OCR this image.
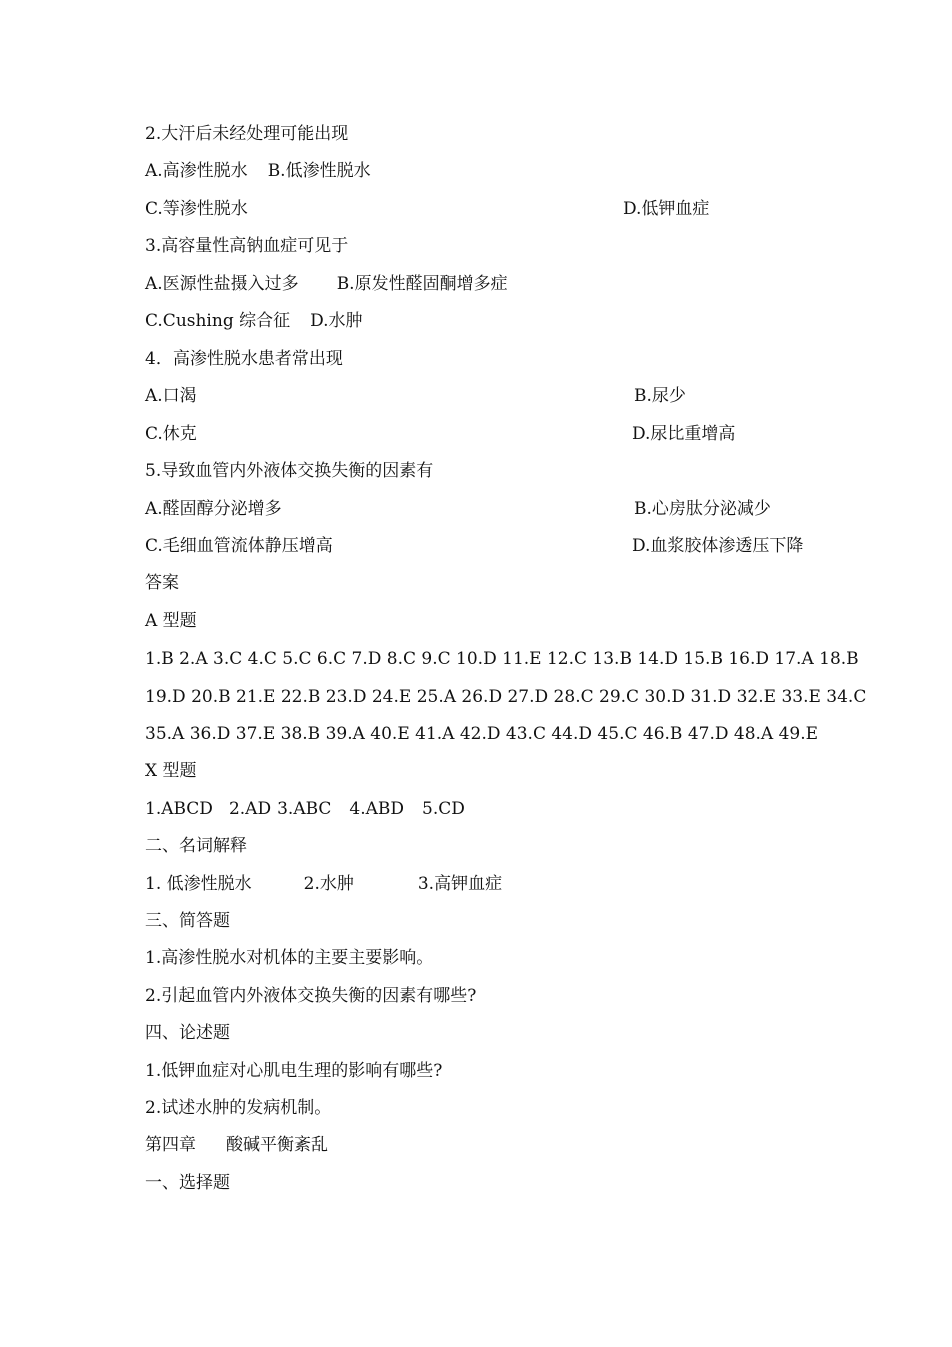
2.大汗后未经处理可能出现
A.高渗性脱水 B.低渗性脱水
C.等渗性脱水	D.低钾血症
3.高容量性高钠血症可见于
A.医源性盐摄入过多 B.原发性醛固酮增多症
C.Cushing 综合征 D.水肿
4．高渗性脱水患者常出现
A.口渴	B.尿少
C.休克	D.尿比重增高
5.导致血管内外液体交换失衡的因素有
A.醛固醇分泌增多	B.心房肽分泌减少
C.毛细血管流体静压增高	D.血浆胶体渗透压下降
答案
A 型题
1.B 2.A 3.C 4.C 5.C 6.C 7.D 8.C 9.C 10.D 11.E 12.C 13.B 14.D 15.B 16.D 17.A 18.B
19.D 20.B 21.E 22.B 23.D 24.E 25.A 26.D 27.D 28.C 29.C 30.D 31.D 32.E 33.E 34.C
35.A 36.D 37.E 38.B 39.A 40.E 41.A 42.D 43.C 44.D 45.C 46.B 47.D 48.A 49.E
X 型题
1.ABCD 2.AD 3.ABC 4.ABD 5.CD
二、名词解释
1. 低渗性脱水	2.水肿	3.高钾血症
三、简答题
1.高渗性脱水对机体的主要主要影响。
2.引起血管内外液体交换失衡的因素有哪些?
四、论述题
1.低钾血症对心肌电生理的影响有哪些?
2.试述水肿的发病机制。
第四章 酸碱平衡紊乱
一、选择题
